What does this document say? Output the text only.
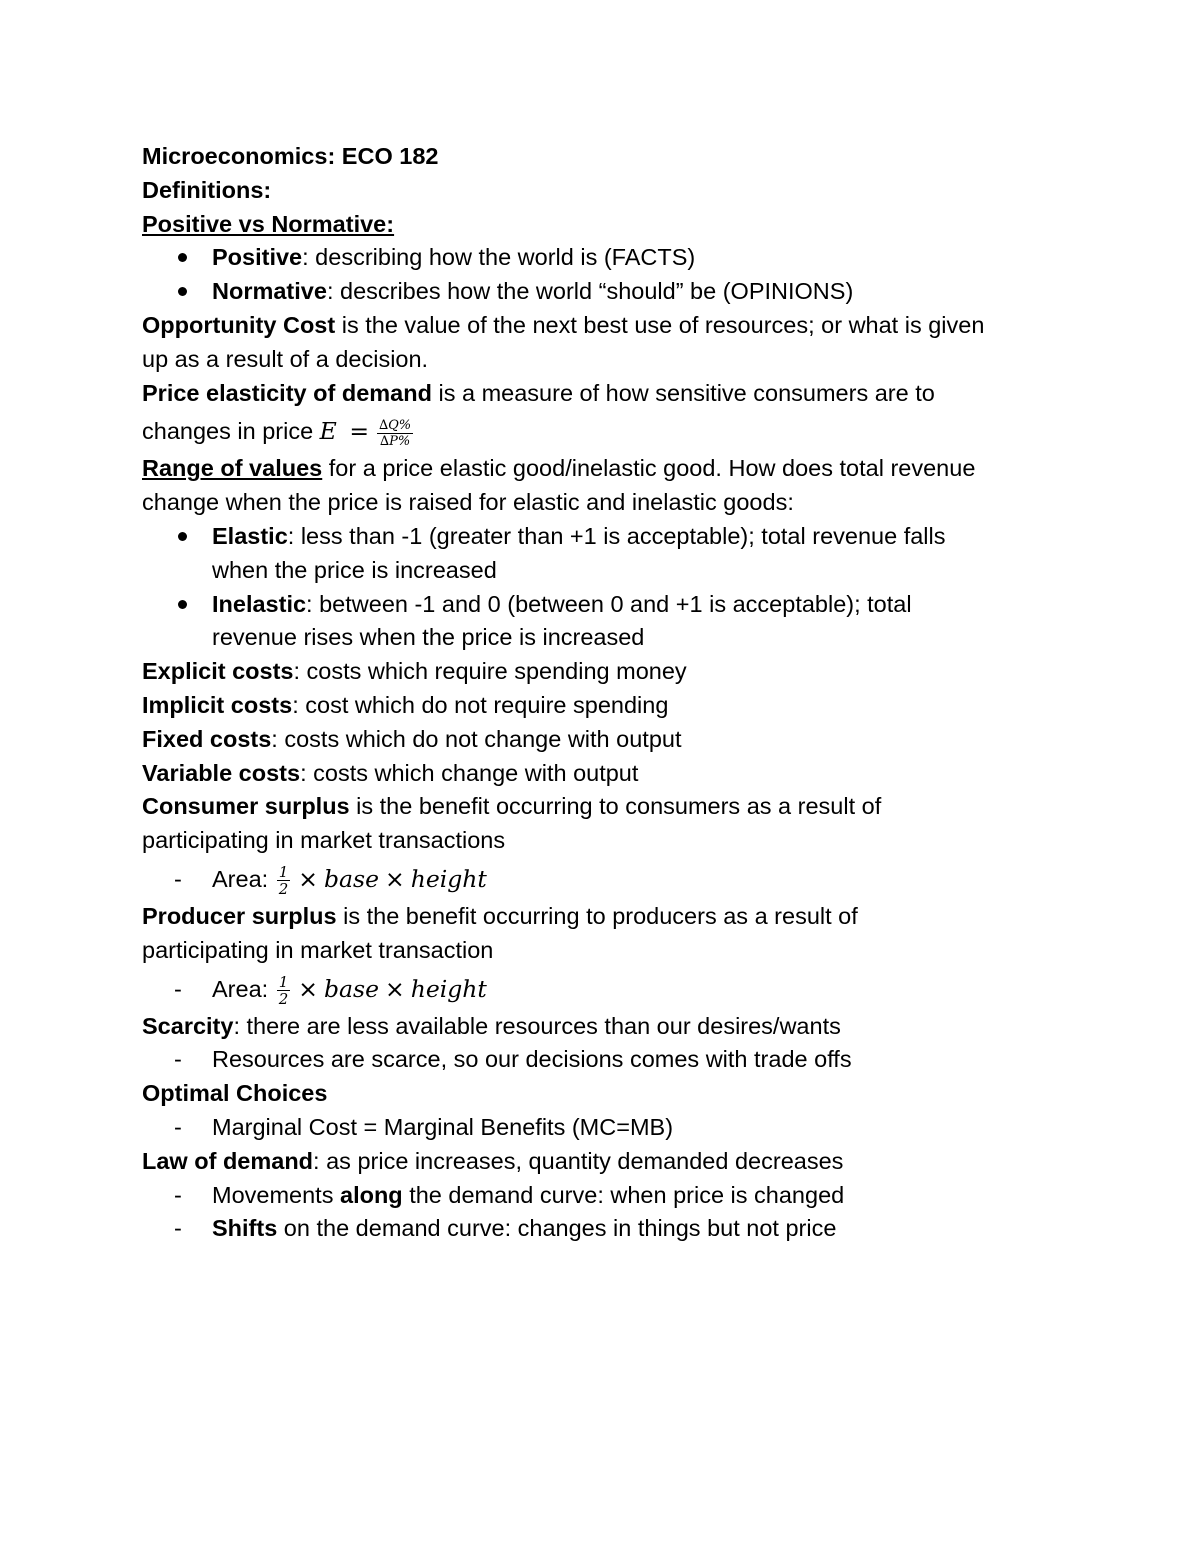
Microeconomics: ECO 182
Definitions:
Positive vs Normative:
Positive: describing how the world is (FACTS)
Normative: describes how the world “should” be (OPINIONS)
Opportunity Cost is the value of the next best use of resources; or what is given
up as a result of a decision.
Price elasticity of demand is a measure of how sensitive consumers are to
changes in price $E = \frac{\Delta Q\%}{\Delta P\%}$
Range of values for a price elastic good/inelastic good. How does total revenue
change when the price is raised for elastic and inelastic goods:
Elastic: less than -1 (greater than +1 is acceptable); total revenue falls
when the price is increased
Inelastic: between -1 and 0 (between 0 and +1 is acceptable); total
revenue rises when the price is increased
Explicit costs: costs which require spending money
Implicit costs: cost which do not require spending
Fixed costs: costs which do not change with output
Variable costs: costs which change with output
Consumer surplus is the benefit occurring to consumers as a result of
participating in market transactions
- Area: $\frac{1}{2}$ × base × height
Producer surplus is the benefit occurring to producers as a result of
participating in market transaction
- Area: $\frac{1}{2}$ × base × height
Scarcity: there are less available resources than our desires/wants
- Resources are scarce, so our decisions comes with trade offs
Optimal Choices
- Marginal Cost = Marginal Benefits (MC=MB)
Law of demand: as price increases, quantity demanded decreases
- Movements along the demand curve: when price is changed
- Shifts on the demand curve: changes in things but not price
